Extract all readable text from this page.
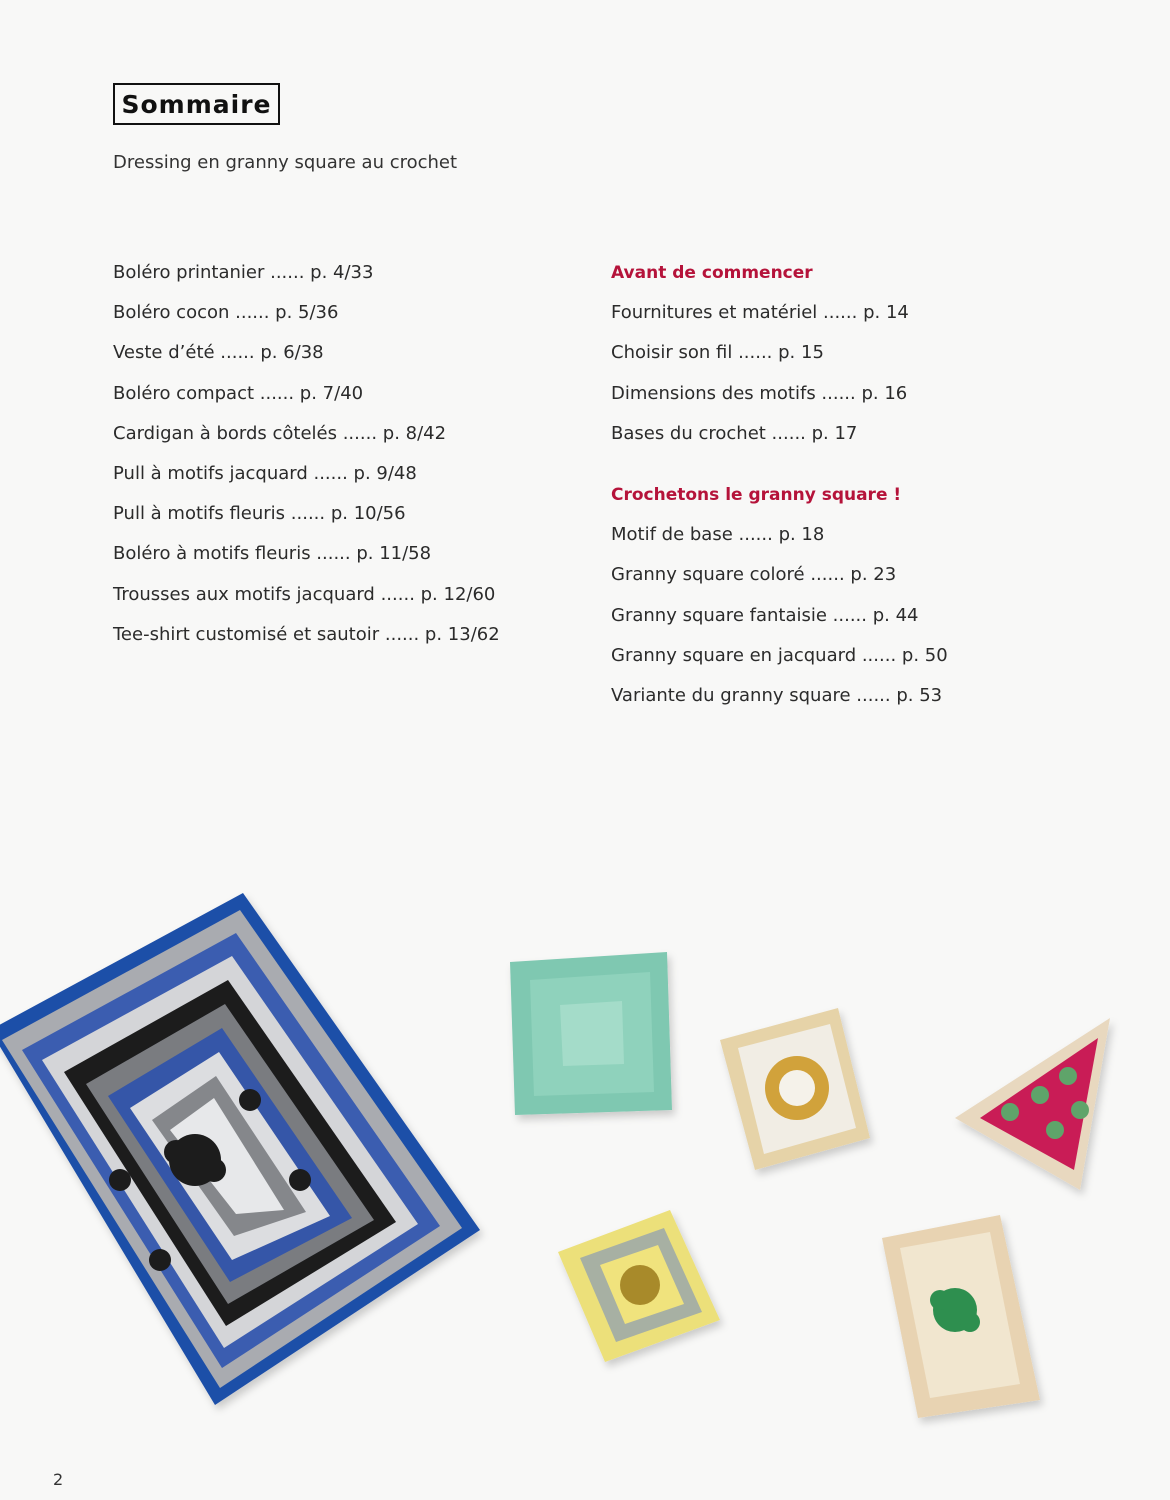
Sommaire
Dressing en granny square au crochet
Boléro printanier ...... p. 4/33
Boléro cocon ...... p. 5/36
Veste d’été ...... p. 6/38
Boléro compact ...... p. 7/40
Cardigan à bords côtelés ...... p. 8/42
Pull à motifs jacquard ...... p. 9/48
Pull à motifs fleuris ...... p. 10/56
Boléro à motifs fleuris ...... p. 11/58
Trousses aux motifs jacquard ...... p. 12/60
Tee-shirt customisé et sautoir ...... p. 13/62
Avant de commencer
Fournitures et matériel ...... p. 14
Choisir son fil ...... p. 15
Dimensions des motifs ...... p. 16
Bases du crochet ...... p. 17
Crochetons le granny square !
Motif de base ...... p. 18
Granny square coloré ...... p. 23
Granny square fantaisie ...... p. 44
Granny square en jacquard ...... p. 50
Variante du granny square ...... p. 53
2
